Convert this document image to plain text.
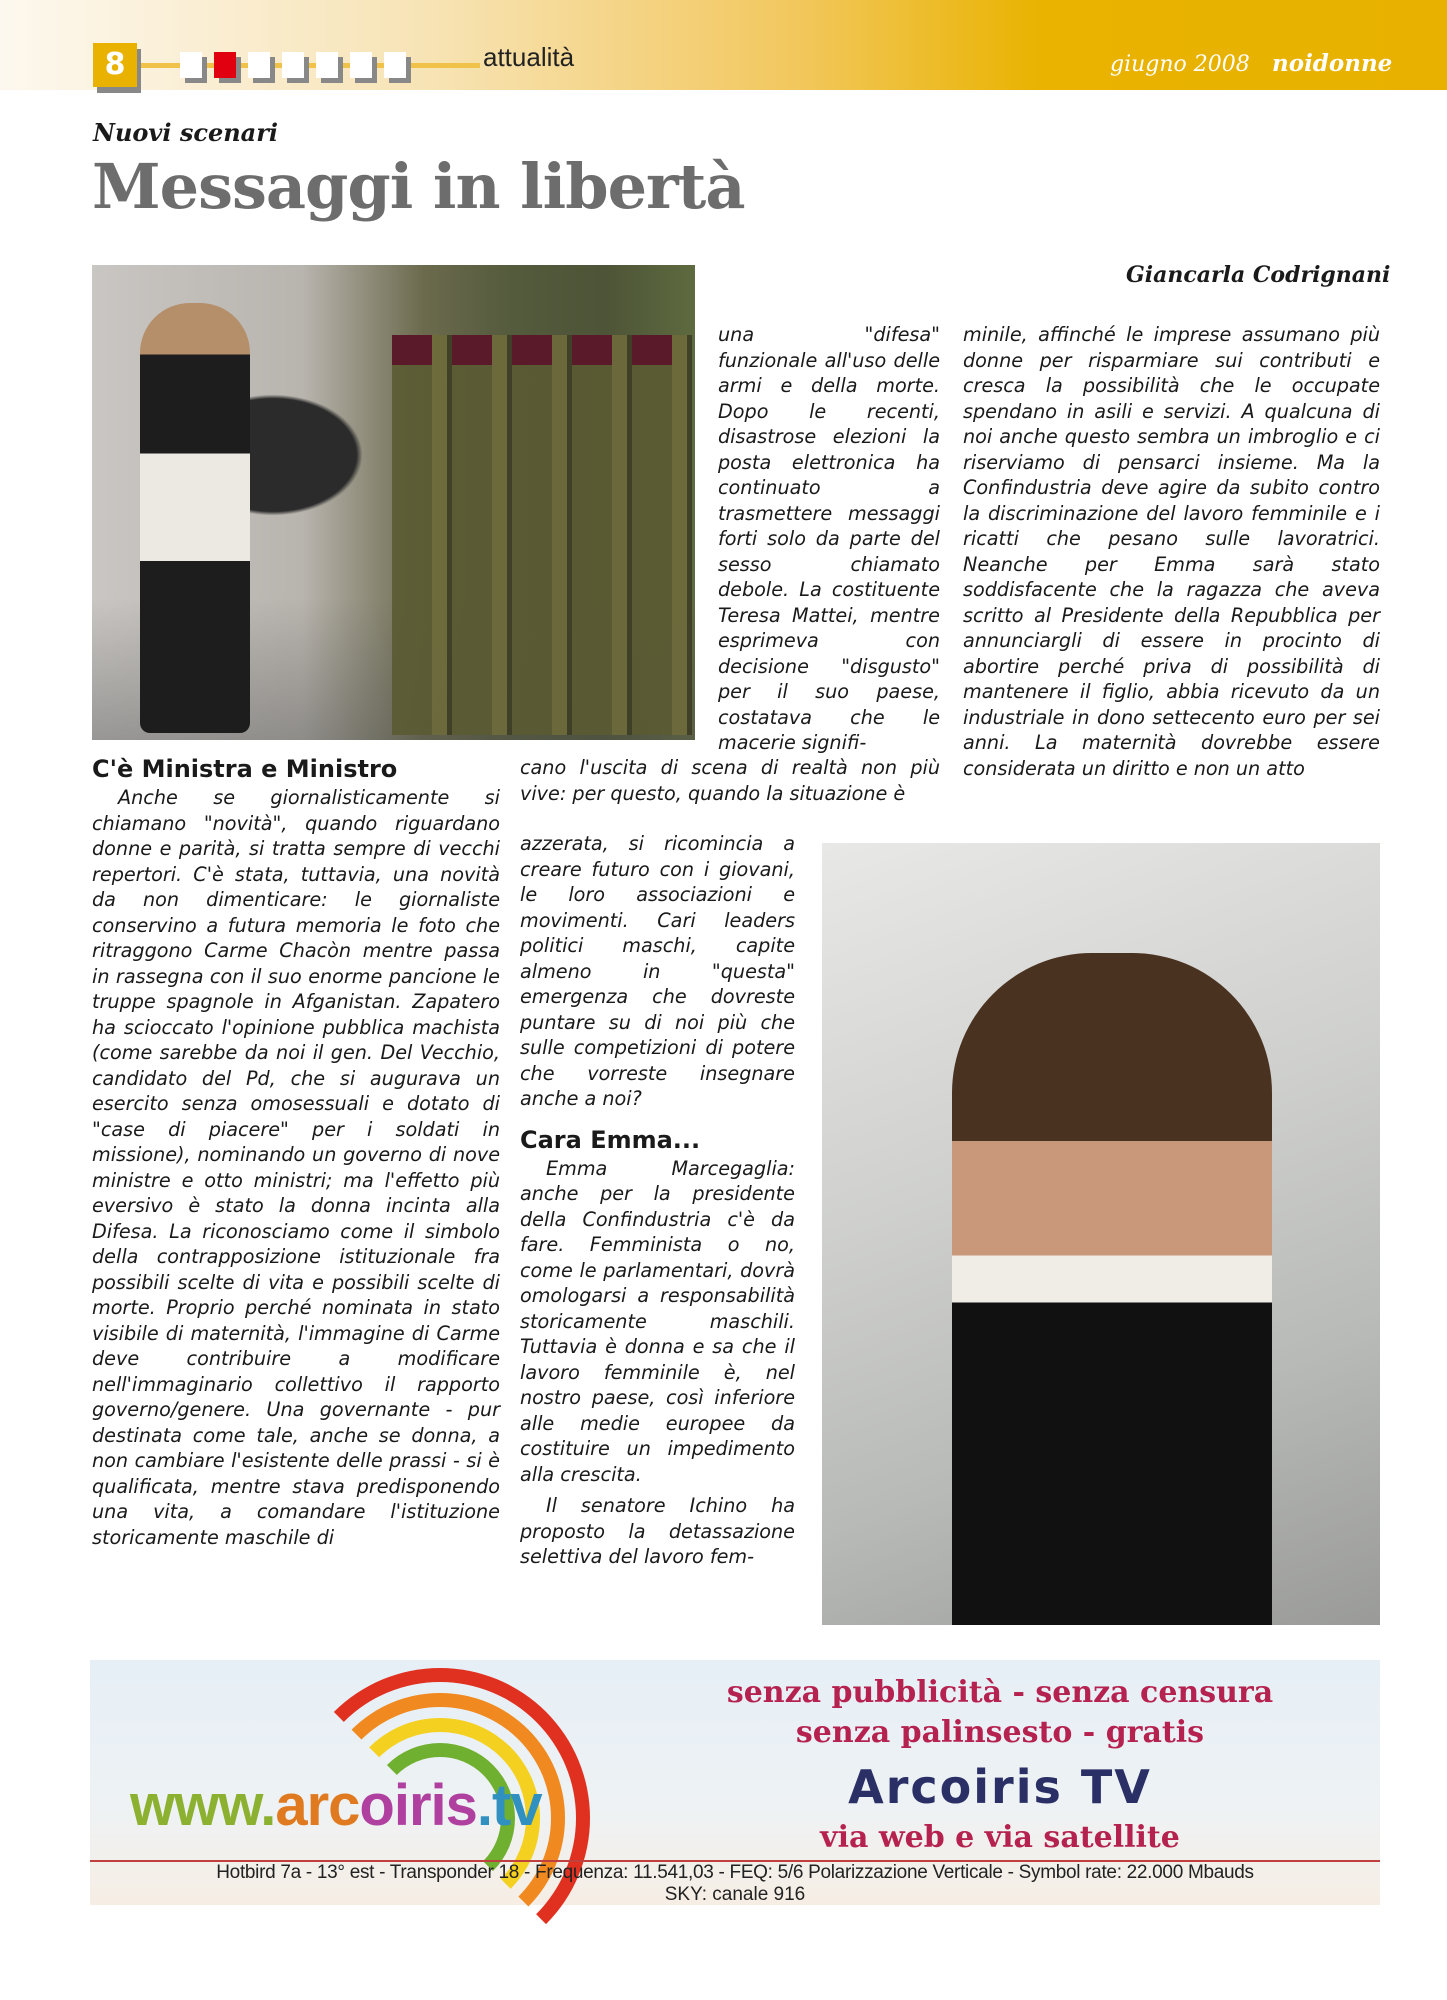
8	attualità	giugno 2008 noidonne
Nuovi scenari
Messaggi in libertà
Giancarla Codrignani
C'è Ministra e Ministro

Anche se giornalisticamente si chiamano "novità", quando riguardano donne e parità, si tratta sempre di vecchi repertori. C'è stata, tuttavia, una novità da non dimenticare: le giornaliste conservino a futura memoria le foto che ritraggono Carme Chacòn mentre passa in rassegna con il suo enorme pancione le truppe spagnole in Afganistan. Zapatero ha scioccato l'opinione pubblica machista (come sarebbe da noi il gen. Del Vecchio, candidato del Pd, che si augurava un esercito senza omosessuali e dotato di "case di piacere" per i soldati in missione), nominando un governo di nove ministre e otto ministri; ma l'effetto più eversivo è stato la donna incinta alla Difesa. La riconosciamo come il simbolo della contrapposizione istituzionale fra possibili scelte di vita e possibili scelte di morte. Proprio perché nominata in stato visibile di maternità, l'immagine di Carme deve contribuire a modificare nell'immaginario collettivo il rapporto governo/genere. Una governante - pur destinata come tale, anche se donna, a non cambiare l'esistente delle prassi - si è qualificata, mentre stava predisponendo una vita, a comandare l'istituzione storicamente maschile di

una "difesa" funzionale all'uso delle armi e della morte. Dopo le recenti, disastrose elezioni la posta elettronica ha continuato a trasmettere messaggi forti solo da parte del sesso chiamato debole. La costituente Teresa Mattei, mentre esprimeva con decisione "disgusto" per il suo paese, costatava che le macerie signifi-

cano l'uscita di scena di realtà non più vive: per questo, quando la situazione è

azzerata, si ricomincia a creare futuro con i giovani, le loro associazioni e movimenti. Cari leaders politici maschi, capite almeno in "questa" emergenza che dovreste puntare su di noi più che sulle competizioni di potere che vorreste insegnare anche a noi?

Cara Emma...

Emma Marcegaglia: anche per la presidente della Confindustria c'è da fare. Femminista o no, come le parlamentari, dovrà omologarsi a responsabilità storicamente maschili. Tuttavia è donna e sa che il lavoro femminile è, nel nostro paese, così inferiore alle medie europee da costituire un impedimento alla crescita.

Il senatore Ichino ha proposto la detassazione selettiva del lavoro fem-

minile, affinché le imprese assumano più donne per risparmiare sui contributi e cresca la possibilità che le occupate spendano in asili e servizi. A qualcuna di noi anche questo sembra un imbroglio e ci riserviamo di pensarci insieme. Ma la Confindustria deve agire da subito contro la discriminazione del lavoro femminile e i ricatti che pesano sulle lavoratrici. Neanche per Emma sarà stato soddisfacente che la ragazza che aveva scritto al Presidente della Repubblica per annunciargli di essere in procinto di abortire perché priva di possibilità di mantenere il figlio, abbia ricevuto da un industriale in dono settecento euro per sei anni. La maternità dovrebbe essere considerata un diritto e non un atto

www.arcoiris.tv
senza pubblicità - senza censura
senza palinsesto - gratis
Arcoiris TV
via web e via satellite
Hotbird 7a - 13° est - Transponder 18 - Frequenza: 11.541,03 - FEQ: 5/6 Polarizzazione Verticale - Symbol rate: 22.000 Mbauds
SKY: canale 916
